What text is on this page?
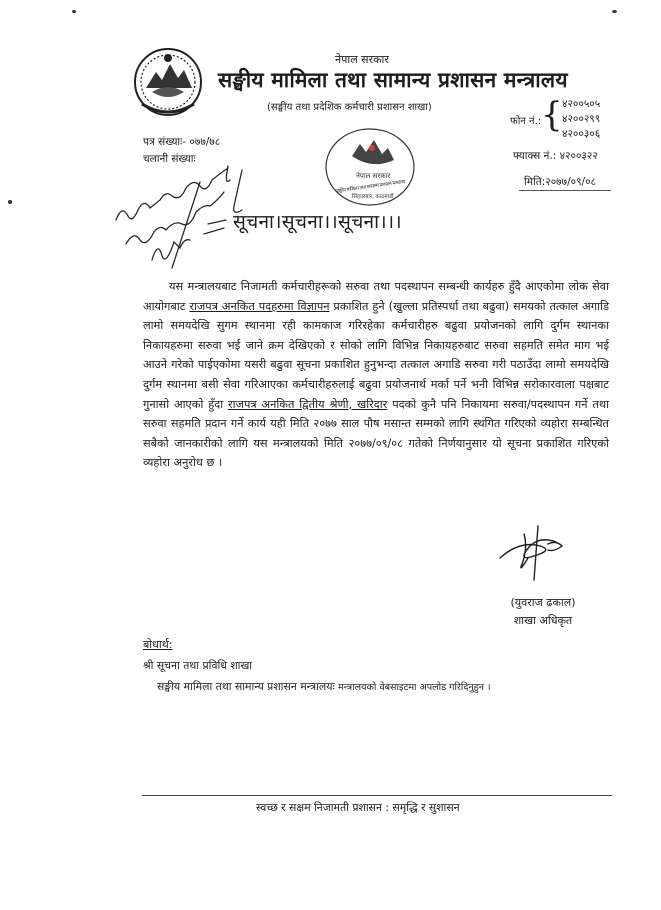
नेपाल सरकार
सङ्घीय मामिला तथा सामान्य प्रशासन मन्त्रालय
(सङ्घीय तथा प्रदेशिक कर्मचारी प्रशासन शाखा)
फोन नं.: { ४२००५०५
४२००२९९
४२००३०६
फ्याक्स नं.: ४२००३२२
मिति:२०७७/०९/०८
पत्र संख्याः- ०७७/७८
चलानी संख्याः
नेपाल सरकार
सङ्घीय मामिला तथा सामान्य प्रशासन मन्त्रालय
सिंहदरबार, काठमाडौं
सूचना।सूचना।।सूचना।।।
यस मन्त्रालयबाट निजामती कर्मचारीहरूको सरुवा तथा पदस्थापन सम्बन्धी कार्यहरु हुँदै आएकोमा लोक सेवा आयोगबाट राजपत्र अनकित पदहरुमा विज्ञापन प्रकाशित हुने (खुल्ला प्रतिस्पर्धा तथा बढुवा) समयको तत्काल अगाडि लामो समयदेखि सुगम स्थानमा रही कामकाज गरिरहेका कर्मचारीहरु बढुवा प्रयोजनको लागि दुर्गम स्थानका निकायहरुमा सरुवा भई जाने क्रम देखिएको र सोको लागि विभिन्न निकायहरुबाट सरुवा सहमति समेत माग भई आउने गरेको पाईएकोमा यसरी बढुवा सूचना प्रकाशित हुनुभन्दा तत्काल अगाडि सरुवा गरी पठाउँदा लामो समयदेखि दुर्गम स्थानमा बसी सेवा गरिआएका कर्मचारीहरुलाई बढुवा प्रयोजनार्थ मर्का पर्ने भनी विभिन्न सरोकारवाला पक्षबाट गुनासो आएको हुँदा राजपत्र अनकित द्वितीय श्रेणी, खरिदार पदको कुनै पनि निकायमा सरुवा/पदस्थापन गर्ने तथा सरुवा सहमति प्रदान गर्ने कार्य यही मिति २०७७ साल पौष मसान्त सम्मको लागि स्थगित गरिएको व्यहोरा सम्बन्धित सबैको जानकारीको लागि यस मन्त्रालयको मिति २०७७/०९/०८ गतेको निर्णयानुसार यो सूचना प्रकाशित गरिएको व्यहोरा अनुरोध छ ।
(युवराज ढकाल)
शाखा अधिकृत
बोधार्थ:
श्री सूचना तथा प्रविधि शाखा
सङ्घीय मामिला तथा सामान्य प्रशासन मन्त्रालयः मन्त्रालयको वेबसाइटमा अपलोड गरिदिनुहुन ।
स्वच्छ र सक्षम निजामती प्रशासन : समृद्धि र सुशासन
